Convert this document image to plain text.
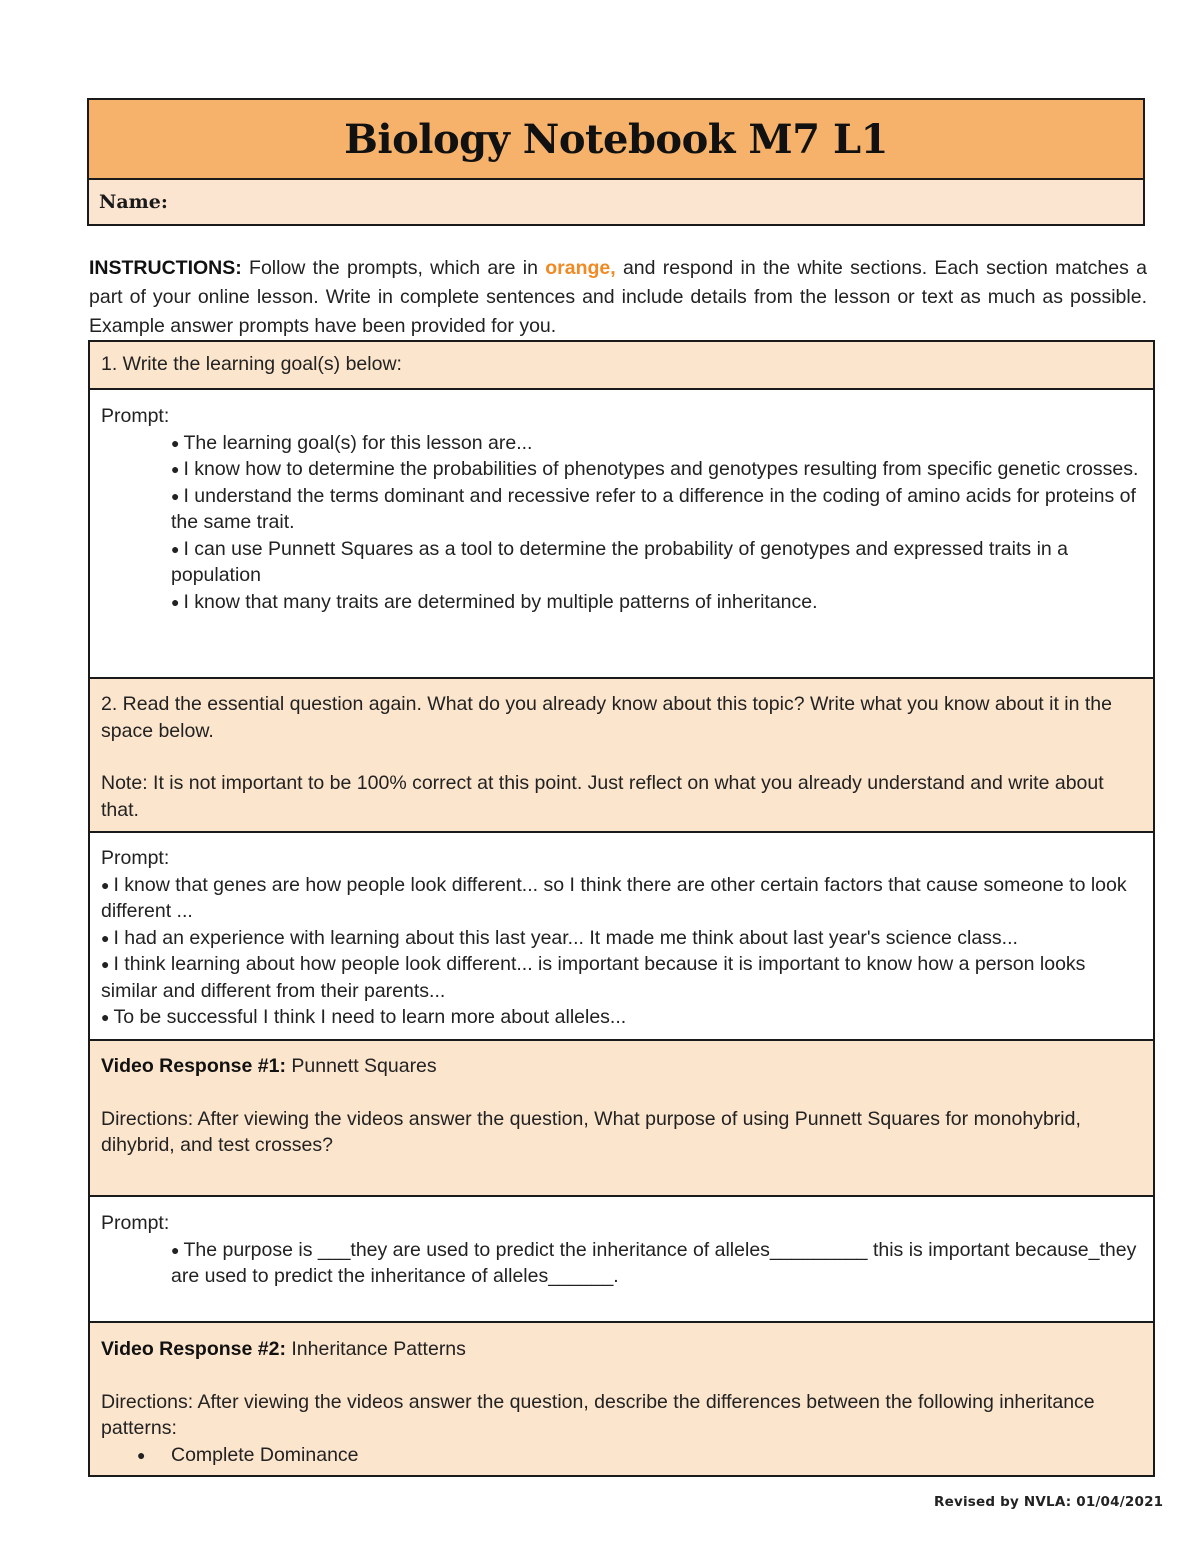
Biology Notebook M7 L1
Name:
INSTRUCTIONS: Follow the prompts, which are in orange, and respond in the white sections. Each section matches a part of your online lesson. Write in complete sentences and include details from the lesson or text as much as possible. Example answer prompts have been provided for you.

1. Write the learning goal(s) below:

Prompt:

● The learning goal(s) for this lesson are...

● I know how to determine the probabilities of phenotypes and genotypes resulting from specific genetic crosses.

● I understand the terms dominant and recessive refer to a difference in the coding of amino acids for proteins of the same trait.

● I can use Punnett Squares as a tool to determine the probability of genotypes and expressed traits in a population

● I know that many traits are determined by multiple patterns of inheritance.

2. Read the essential question again. What do you already know about this topic? Write what you know about it in the space below.

Note: It is not important to be 100% correct at this point. Just reflect on what you already understand and write about that.

Prompt:

● I know that genes are how people look different... so I think there are other certain factors that cause someone to look different ...

● I had an experience with learning about this last year... It made me think about last year's science class...

● I think learning about how people look different... is important because it is important to know how a person looks similar and different from their parents...

● To be successful I think I need to learn more about alleles...

Video Response #1: Punnett Squares

Directions: After viewing the videos answer the question, What purpose of using Punnett Squares for monohybrid, dihybrid, and test crosses?

Prompt:

● The purpose is ___they are used to predict the inheritance of alleles_________ this is important because_they are used to predict the inheritance of alleles______.

Video Response #2: Inheritance Patterns

Directions: After viewing the videos answer the question, describe the differences between the following inheritance patterns:

● Complete Dominance

Revised by NVLA: 01/04/2021
